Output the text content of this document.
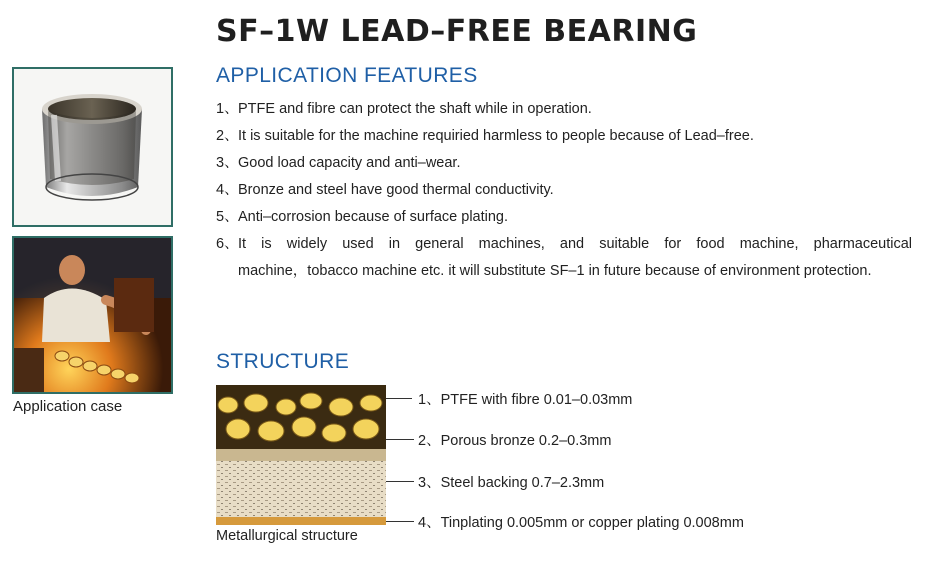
SF–1W LEAD–FREE BEARING
Application case
APPLICATION FEATURES
1、PTFE and fibre can protect the shaft while in operation.
2、It is suitable for the machine requiried harmless to people because of Lead–free.
3、Good load capacity and anti–wear.
4、Bronze and steel have good thermal conductivity.
5、Anti–corrosion because of surface plating.
6、It is widely used in general machines, and suitable for food machine, pharmaceutical
machine，tobacco machine etc. it will substitute SF–1 in future because of environment protection.
STRUCTURE
Metallurgical structure
1、PTFE with fibre 0.01–0.03mm
2、Porous bronze 0.2–0.3mm
3、Steel backing 0.7–2.3mm
4、Tinplating 0.005mm or copper plating 0.008mm
